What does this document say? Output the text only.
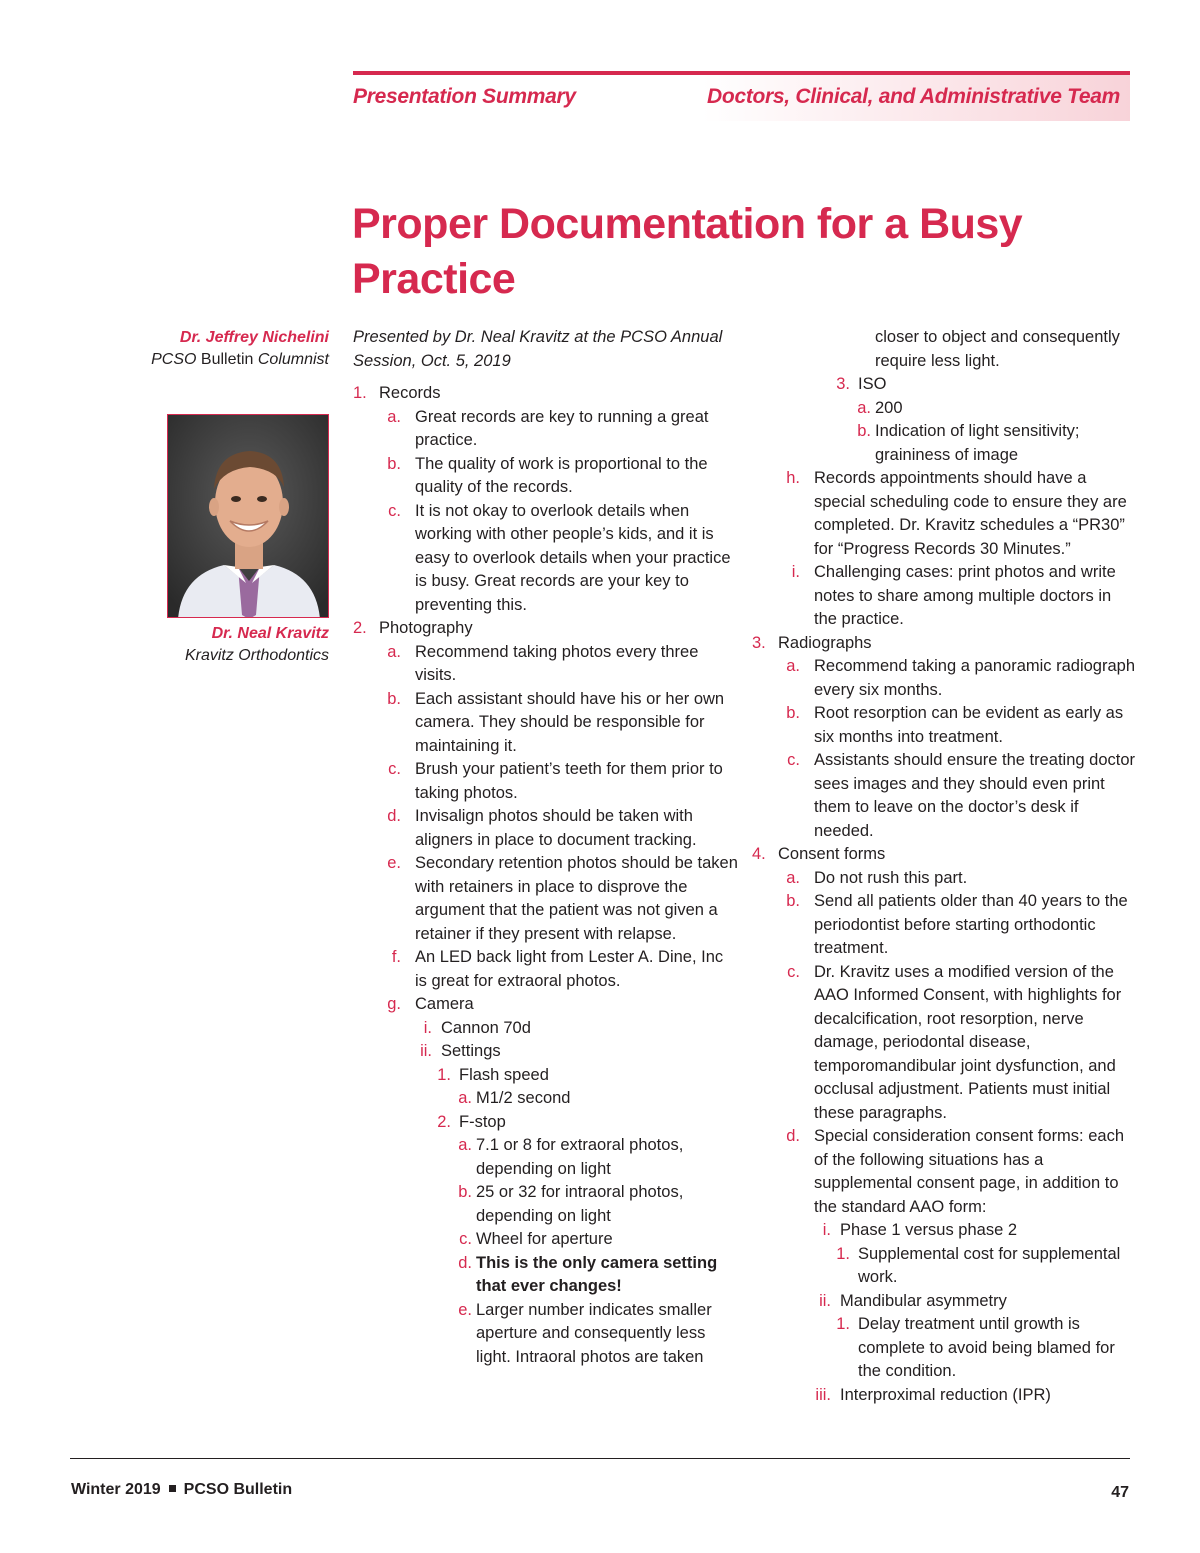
Presentation Summary	Doctors, Clinical, and Administrative Team
Proper Documentation for a Busy Practice
Dr. Jeffrey Nichelini
PCSO Bulletin Columnist
Dr. Neal Kravitz
Kravitz Orthodontics
Presented by Dr. Neal Kravitz at the PCSO Annual Session, Oct. 5, 2019
1. Records
a. Great records are key to running a great practice.
b. The quality of work is proportional to the quality of the records.
c. It is not okay to overlook details when working with other people’s kids, and it is easy to overlook details when your practice is busy. Great records are your key to preventing this.
2. Photography
a. Recommend taking photos every three visits.
b. Each assistant should have his or her own camera. They should be responsible for maintaining it.
c. Brush your patient’s teeth for them prior to taking photos.
d. Invisalign photos should be taken with aligners in place to document tracking.
e. Secondary retention photos should be taken with retainers in place to disprove the argument that the patient was not given a retainer if they present with relapse.
f. An LED back light from Lester A. Dine, Inc is great for extraoral photos.
g. Camera
i. Cannon 70d
ii. Settings
1. Flash speed
a. M1/2 second
2. F-stop
a. 7.1 or 8 for extraoral photos, depending on light
b. 25 or 32 for intraoral photos, depending on light
c. Wheel for aperture
d. This is the only camera setting that ever changes!
e. Larger number indicates smaller aperture and consequently less light. Intraoral photos are taken
closer to object and consequently require less light.
3. ISO
a. 200
b. Indication of light sensitivity; graininess of image
h. Records appointments should have a special scheduling code to ensure they are completed. Dr. Kravitz schedules a “PR30” for “Progress Records 30 Minutes.”
i. Challenging cases: print photos and write notes to share among multiple doctors in the practice.
3. Radiographs
a. Recommend taking a panoramic radiograph every six months.
b. Root resorption can be evident as early as six months into treatment.
c. Assistants should ensure the treating doctor sees images and they should even print them to leave on the doctor’s desk if needed.
4. Consent forms
a. Do not rush this part.
b. Send all patients older than 40 years to the periodontist before starting orthodontic treatment.
c. Dr. Kravitz uses a modified version of the AAO Informed Consent, with highlights for decalcification, root resorption, nerve damage, periodontal disease, temporomandibular joint dysfunction, and occlusal adjustment. Patients must initial these paragraphs.
d. Special consideration consent forms: each of the following situations has a supplemental consent page, in addition to the standard AAO form:
i. Phase 1 versus phase 2
1. Supplemental cost for supplemental work.
ii. Mandibular asymmetry
1. Delay treatment until growth is complete to avoid being blamed for the condition.
iii. Interproximal reduction (IPR)
Winter 2019 PCSO Bulletin	47
